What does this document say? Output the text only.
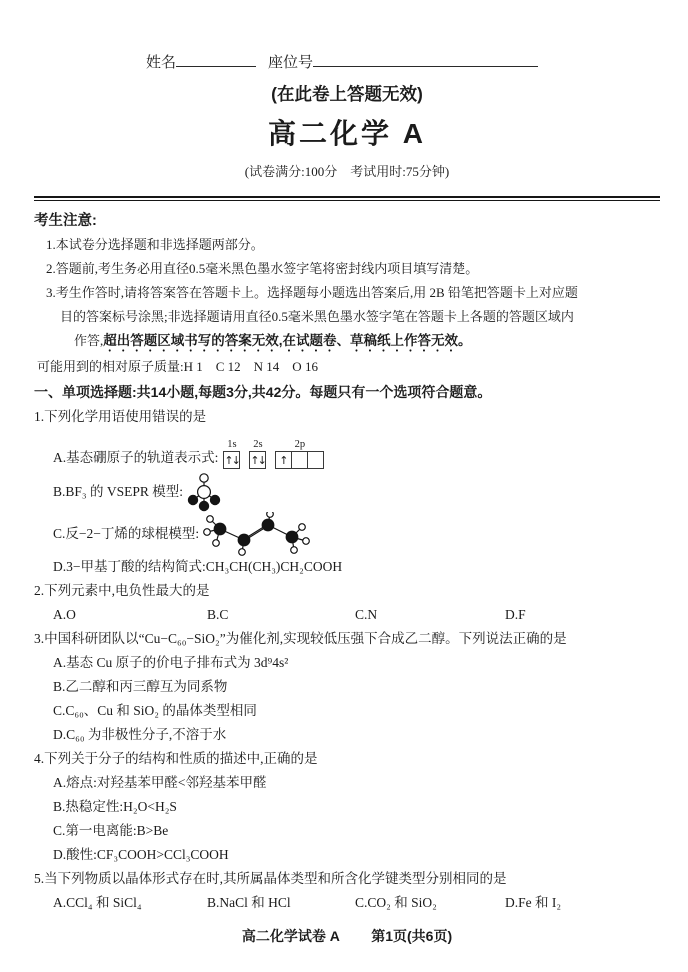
姓名	座位号
(在此卷上答题无效)
高二化学 A
(试卷满分:100分    考试用时:75分钟)
考生注意:
1.本试卷分选择题和非选择题两部分。
2.答题前,考生务必用直径0.5毫米黑色墨水签字笔将密封线内项目填写清楚。
3.考生作答时,请将答案答在答题卡上。选择题每小题选出答案后,用 2B 铅笔把答题卡上对应题
目的答案标号涂黑;非选择题请用直径0.5毫米黑色墨水签字笔在答题卡上各题的答题区域内
作答,超出答题区域书写的答案无效,在试题卷、草稿纸上作答无效。
可能用到的相对原子质量:H 1    C 12    N 14    O 16
一、单项选择题:共14小题,每题3分,共42分。每题只有一个选项符合题意。
1.下列化学用语使用错误的是
A.基态硼原子的轨道表示式:
1s
↑↓
2s
↑↓
2p
↑
B.BF₃ 的 VSEPR 模型:
C.反−2−丁烯的球棍模型:
D.3−甲基丁酸的结构简式:CH₃CH(CH₃)CH₂COOH
2.下列元素中,电负性最大的是
A.O	B.C	C.N	D.F
3.中国科研团队以“Cu−C₆₀−SiO₂”为催化剂,实现较低压强下合成乙二醇。下列说法正确的是
A.基态 Cu 原子的价电子排布式为 3d⁹4s²
B.乙二醇和丙三醇互为同系物
C.C₆₀、Cu 和 SiO₂ 的晶体类型相同
D.C₆₀ 为非极性分子,不溶于水
4.下列关于分子的结构和性质的描述中,正确的是
A.熔点:对羟基苯甲醛<邻羟基苯甲醛
B.热稳定性:H₂O<H₂S
C.第一电离能:B>Be
D.酸性:CF₃COOH>CCl₃COOH
5.当下列物质以晶体形式存在时,其所属晶体类型和所含化学键类型分别相同的是
A.CCl₄ 和 SiCl₄	B.NaCl 和 HCl	C.CO₂ 和 SiO₂	D.Fe 和 I₂
高二化学试卷 A 第1页(共6页)
